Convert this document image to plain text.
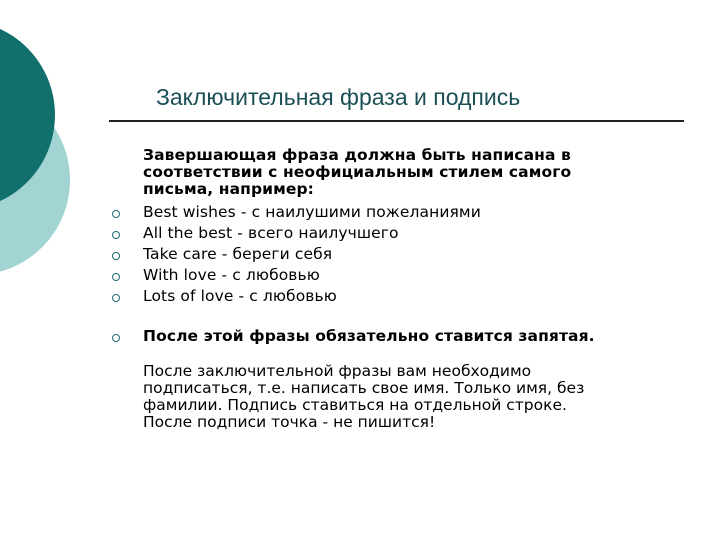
Заключительная фраза и подпись
Завершающая фраза должна быть написана в
соответствии с неофициальным стилем самого
письма, например:
Best wishes - с наилушими пожеланиями
All the best - всего наилучшего
Take care - береги себя
With love - с любовью
Lots of love - с любовью
После этой фразы обязательно ставится запятая.
После заключительной фразы вам необходимо
подписаться, т.е. написать свое имя. Только имя, без
фамилии. Подпись ставиться на отдельной строке.
После подписи точка - не пишится!
